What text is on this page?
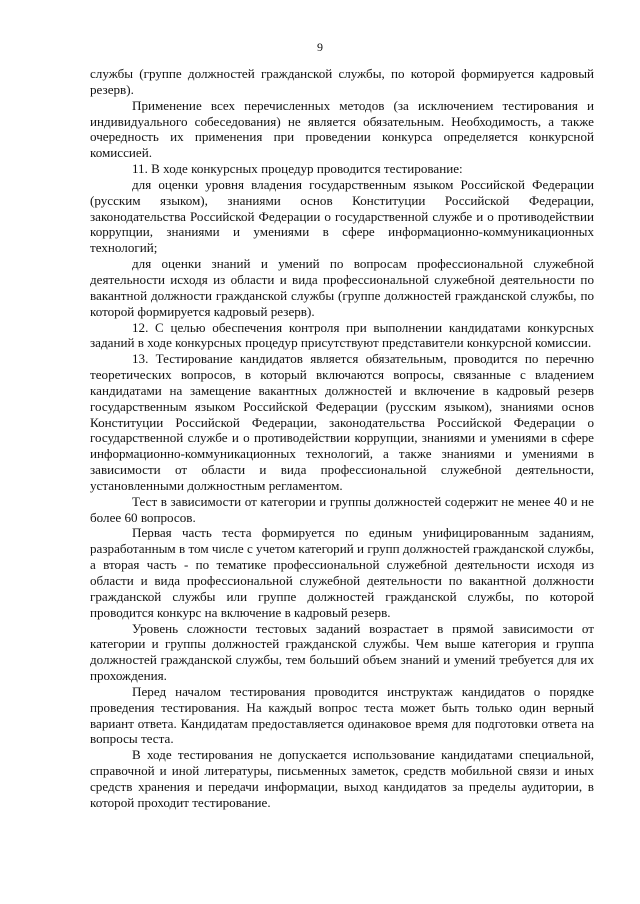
9

службы (группе должностей гражданской службы, по которой формируется кадровый резерв).

Применение всех перечисленных методов (за исключением тестирования и индивидуального собеседования) не является обязательным. Необходимость, а также очередность их применения при проведении конкурса определяется конкурсной комиссией.

11. В ходе конкурсных процедур проводится тестирование:

для оценки уровня владения государственным языком Российской Федерации (русским языком), знаниями основ Конституции Российской Федерации, законодательства Российской Федерации о государственной службе и о противодействии коррупции, знаниями и умениями в сфере информационно-коммуникационных технологий;

для оценки знаний и умений по вопросам профессиональной служебной деятельности исходя из области и вида профессиональной служебной деятельности по вакантной должности гражданской службы (группе должностей гражданской службы, по которой формируется кадровый резерв).

12. С целью обеспечения контроля при выполнении кандидатами конкурсных заданий в ходе конкурсных процедур присутствуют представители конкурсной комиссии.

13. Тестирование кандидатов является обязательным, проводится по перечню теоретических вопросов, в который включаются вопросы, связанные с владением кандидатами на замещение вакантных должностей и включение в кадровый резерв государственным языком Российской Федерации (русским языком), знаниями основ Конституции Российской Федерации, законодательства Российской Федерации о государственной службе и о противодействии коррупции, знаниями и умениями в сфере информационно-коммуникационных технологий, а также знаниями и умениями в зависимости от области и вида профессиональной служебной деятельности, установленными должностным регламентом.

Тест в зависимости от категории и группы должностей содержит не менее 40 и не более 60 вопросов.

Первая часть теста формируется по единым унифицированным заданиям, разработанным в том числе с учетом категорий и групп должностей гражданской службы, а вторая часть - по тематике профессиональной служебной деятельности исходя из области и вида профессиональной служебной деятельности по вакантной должности гражданской службы или группе должностей гражданской службы, по которой проводится конкурс на включение в кадровый резерв.

Уровень сложности тестовых заданий возрастает в прямой зависимости от категории и группы должностей гражданской службы. Чем выше категория и группа должностей гражданской службы, тем больший объем знаний и умений требуется для их прохождения.

Перед началом тестирования проводится инструктаж кандидатов о порядке проведения тестирования. На каждый вопрос теста может быть только один верный вариант ответа. Кандидатам предоставляется одинаковое время для подготовки ответа на вопросы теста.

В ходе тестирования не допускается использование кандидатами специальной, справочной и иной литературы, письменных заметок, средств мобильной связи и иных средств хранения и передачи информации, выход кандидатов за пределы аудитории, в которой проходит тестирование.
